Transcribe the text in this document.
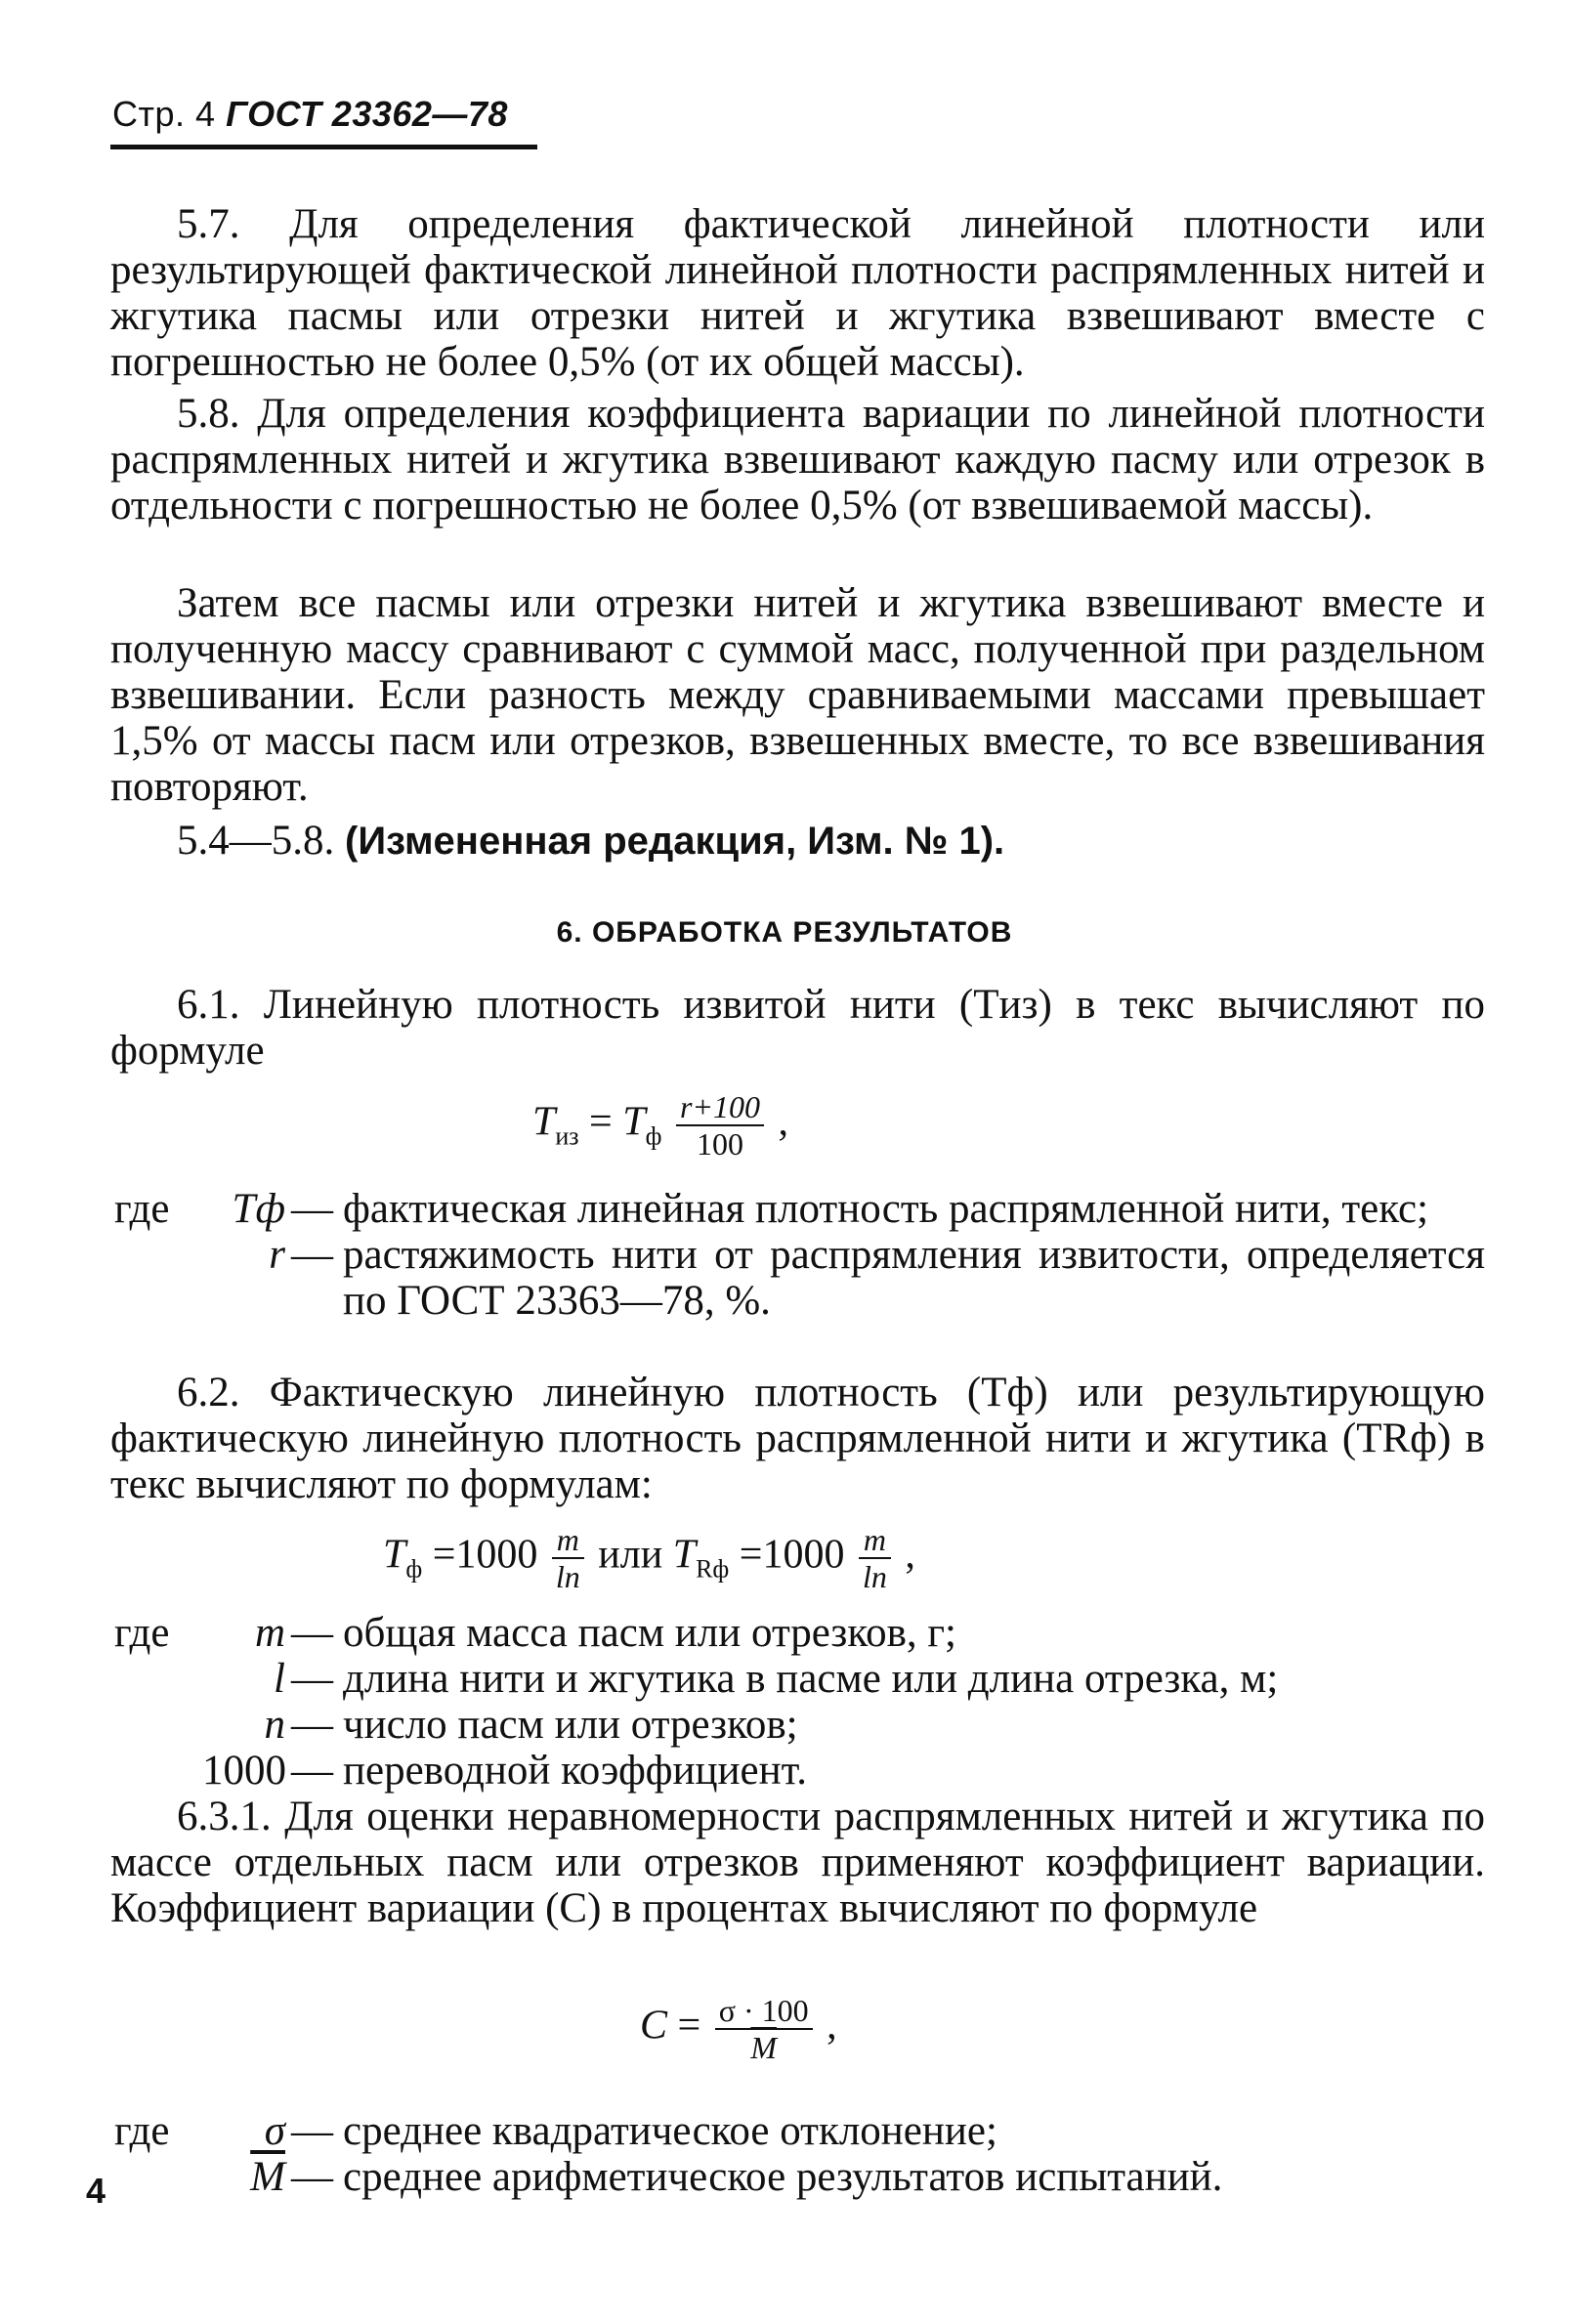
Стр. 4 ГОСТ 23362—78

5.7. Для определения фактической линейной плотности или результирующей фактической линейной плотности распрямленных нитей и жгутика пасмы или отрезки нитей и жгутика взвешивают вместе с погрешностью не более 0,5% (от их общей массы).

5.8. Для определения коэффициента вариации по линейной плотности распрямленных нитей и жгутика взвешивают каждую пасму или отрезок в отдельности с погрешностью не более 0,5% (от взвешиваемой массы).

Затем все пасмы или отрезки нитей и жгутика взвешивают вместе и полученную массу сравнивают с суммой масс, полученной при раздельном взвешивании. Если разность между сравниваемыми массами превышает 1,5% от массы пасм или отрезков, взвешенных вместе, то все взвешивания повторяют.

5.4—5.8. (Измененная редакция, Изм. № 1).
6. ОБРАБОТКА РЕЗУЛЬТАТОВ

6.1. Линейную плотность извитой нити (Tиз) в текс вычисляют по формуле

$T_{из} = T_ф \frac{r+100}{100}$ ,
где	Tф — фактическая линейная плотность распрямленной нити, текс;
r — растяжимость нити от распрямления извитости, определяется по ГОСТ 23363—78, %.

6.2. Фактическую линейную плотность (Tф) или результирующую фактическую линейную плотность распрямленной нити и жгутика (TRф) в текс вычисляют по формулам:

$T_ф =1000 \frac{m}{\ln}$ или $T_{Rф} =1000 \frac{m}{\ln}$ ,
где	m — общая масса пасм или отрезков, г;
l — длина нити и жгутика в пасме или длина отрезка, м;
n — число пасм или отрезков;
1000 — переводной коэффициент.

6.3.1. Для оценки неравномерности распрямленных нитей и жгутика по массе отдельных пасм или отрезков применяют коэффициент вариации. Коэффициент вариации (C) в процентах вычисляют по формуле

$C = \frac{\sigma \cdot 100}{M}$ ,
где	σ — среднее квадратическое отклонение;
$\overline{M}$ — среднее арифметическое результатов испытаний.
4
